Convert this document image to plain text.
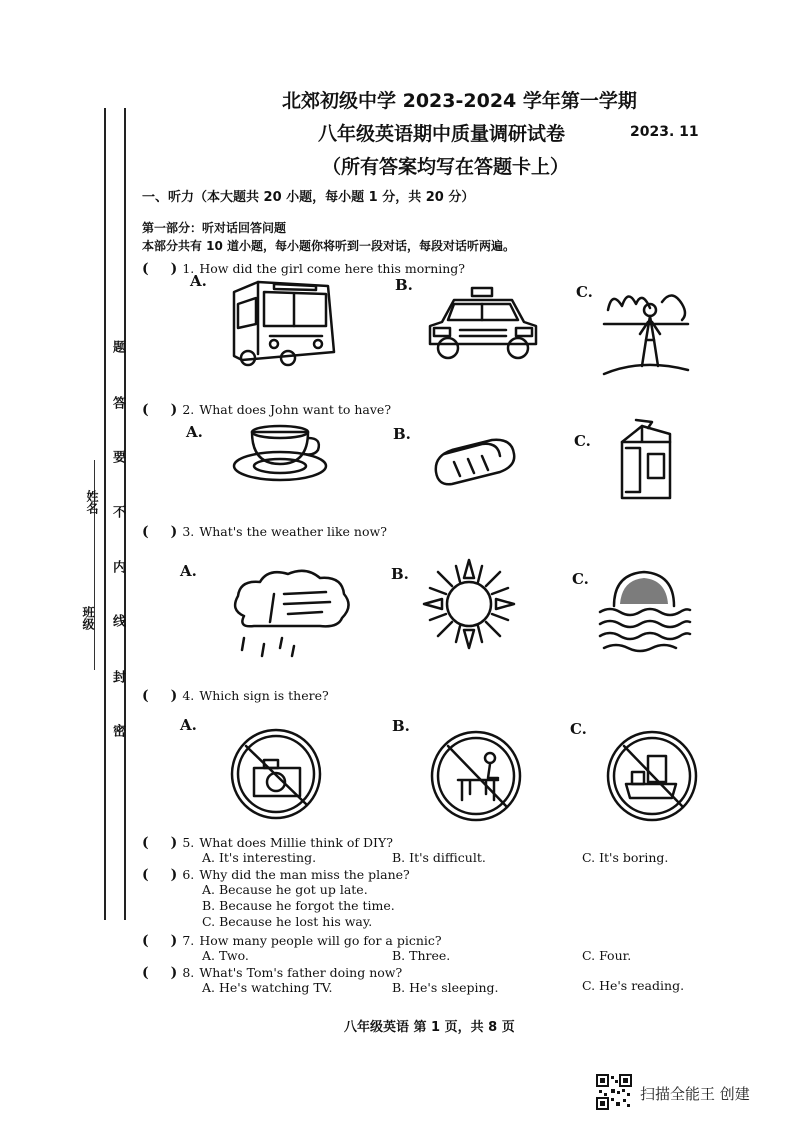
题
答
要
不
内
线
封
密
姓名
班级
北郊初级中学 2023-2024 学年第一学期
八年级英语期中质量调研试卷	2023. 11
（所有答案均写在答题卡上）
一、听力（本大题共 20 小题，每小题 1 分，共 20 分）
第一部分：听对话回答问题
本部分共有 10 道小题，每小题你将听到一段对话，每段对话听两遍。
( ) 1. How did the girl come here this morning?
A.	B.	C.
( ) 2. What does John want to have?
A.	B.	C.
( ) 3. What's the weather like now?
A.	B.	C.
( ) 4. Which sign is there?
A.	B.	C.
( ) 5. What does Millie think of DIY?
A. It's interesting.	B. It's difficult.	C. It's boring.
( ) 6. Why did the man miss the plane?
A. Because he got up late.
B. Because he forgot the time.
C. Because he lost his way.
( ) 7. How many people will go for a picnic?
A. Two.	B. Three.	C. Four.
( ) 8. What's Tom's father doing now?
A. He's watching TV.	B. He's sleeping.	C. He's reading.
八年级英语 第 1 页，共 8 页
扫描全能王 创建
